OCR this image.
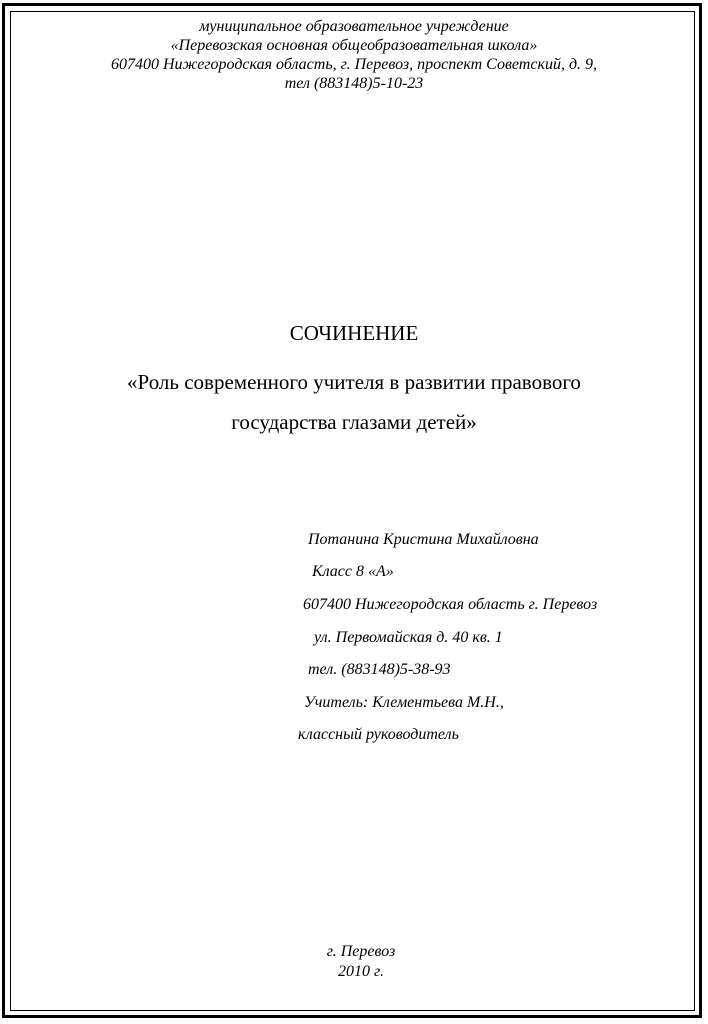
муниципальное образовательное учреждение
«Перевозская основная общеобразовательная школа»
607400 Нижегородская область, г. Перевоз, проспект Советский, д. 9,
тел (883148)5-10-23
СОЧИНЕНИЕ
«Роль современного учителя в развитии правового
государства глазами детей»
Потанина Кристина Михайловна
Класс 8 «А»
607400 Нижегородская область г. Перевоз
ул. Первомайская д. 40 кв. 1
тел. (883148)5-38-93
Учитель: Клементьева М.Н.,
классный руководитель
г. Перевоз
2010 г.
